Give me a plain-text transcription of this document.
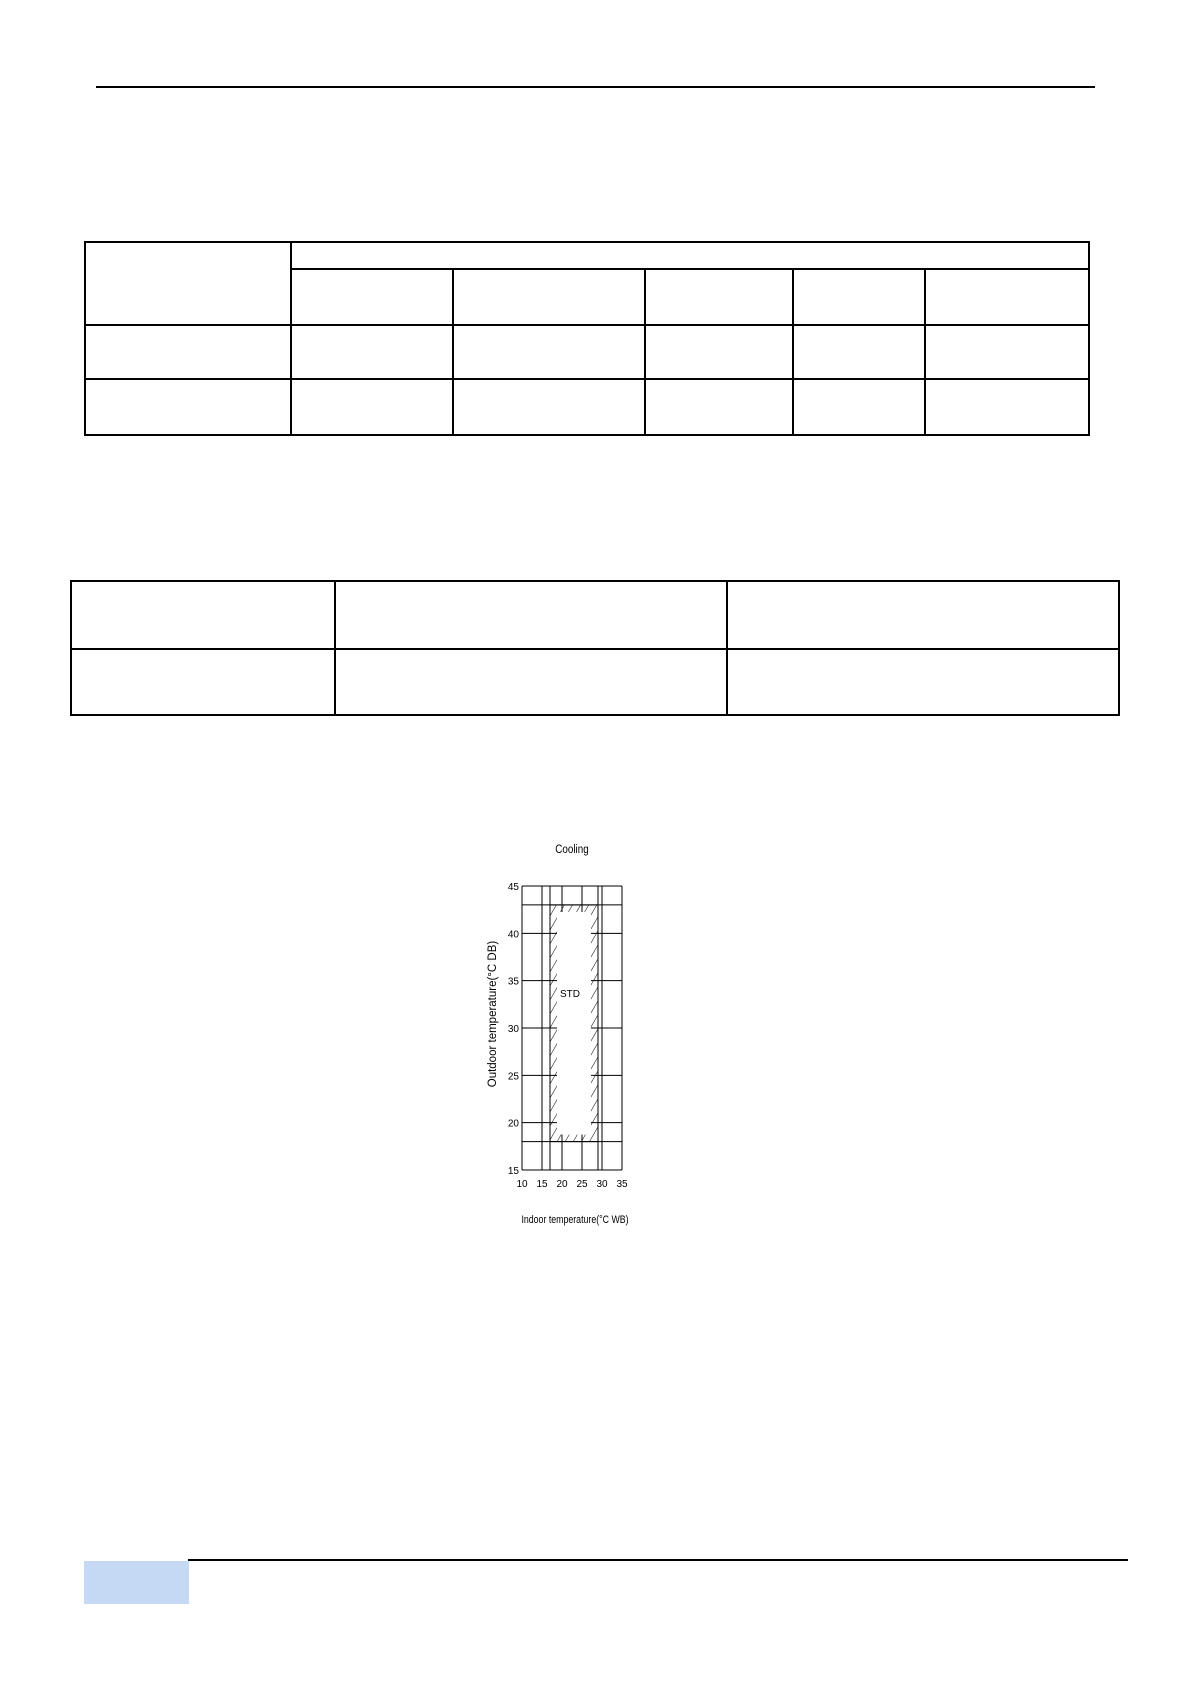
Cooling
STD
15
20
25
30
35
40
45
10 15 20 25 30 35
Outdoor temperature(°C DB)
Indoor temperature(°C WB)
